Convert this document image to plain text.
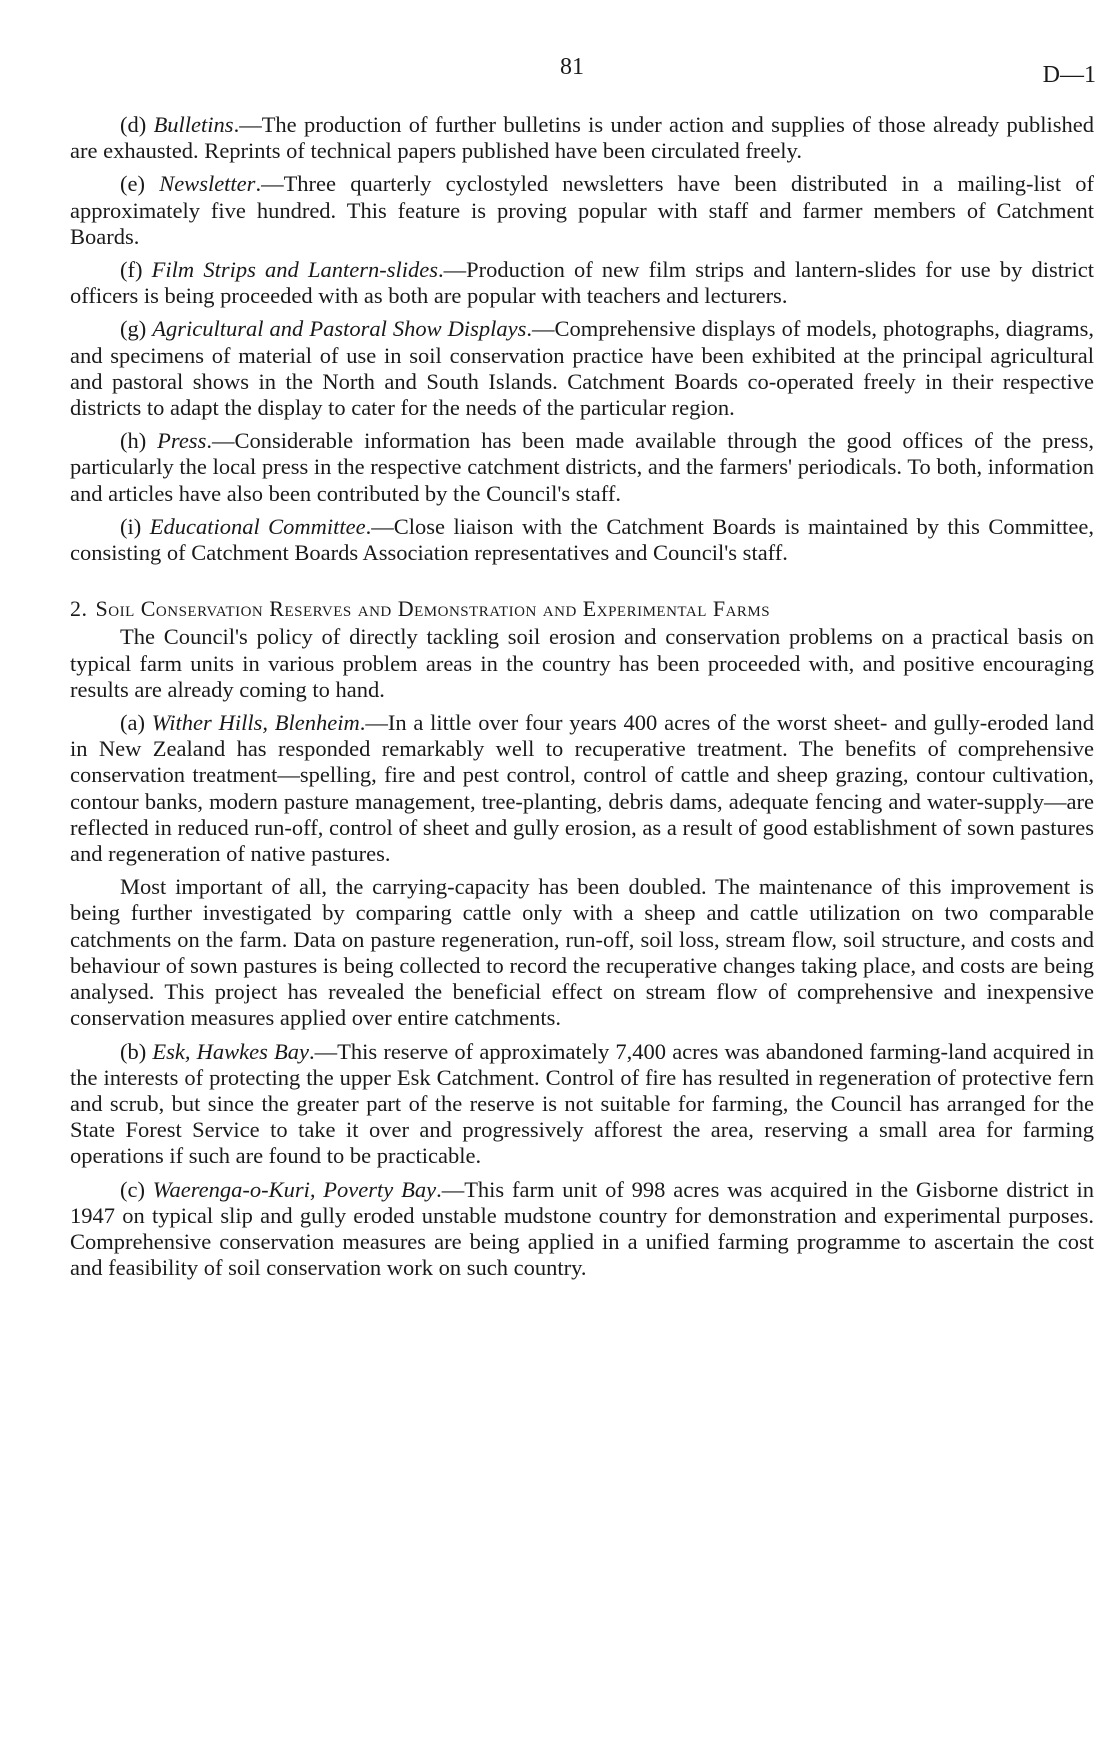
81	D—1

(d) Bulletins.—The production of further bulletins is under action and supplies of those already published are exhausted. Reprints of technical papers published have been circulated freely.

(e) Newsletter.—Three quarterly cyclostyled newsletters have been distributed in a mailing-list of approximately five hundred. This feature is proving popular with staff and farmer members of Catchment Boards.

(f) Film Strips and Lantern-slides.—Production of new film strips and lantern-slides for use by district officers is being proceeded with as both are popular with teachers and lecturers.

(g) Agricultural and Pastoral Show Displays.—Comprehensive displays of models, photographs, diagrams, and specimens of material of use in soil conservation practice have been exhibited at the principal agricultural and pastoral shows in the North and South Islands. Catchment Boards co-operated freely in their respective districts to adapt the display to cater for the needs of the particular region.

(h) Press.—Considerable information has been made available through the good offices of the press, particularly the local press in the respective catchment districts, and the farmers' periodicals. To both, information and articles have also been contributed by the Council's staff.

(i) Educational Committee.—Close liaison with the Catchment Boards is maintained by this Committee, consisting of Catchment Boards Association representatives and Council's staff.

2. Soil Conservation Reserves and Demonstration and Experimental Farms

The Council's policy of directly tackling soil erosion and conservation problems on a practical basis on typical farm units in various problem areas in the country has been proceeded with, and positive encouraging results are already coming to hand.

(a) Wither Hills, Blenheim.—In a little over four years 400 acres of the worst sheet- and gully-eroded land in New Zealand has responded remarkably well to recuperative treatment. The benefits of comprehensive conservation treatment—spelling, fire and pest control, control of cattle and sheep grazing, contour cultivation, contour banks, modern pasture management, tree-planting, debris dams, adequate fencing and water-supply—are reflected in reduced run-off, control of sheet and gully erosion, as a result of good establishment of sown pastures and regeneration of native pastures.

Most important of all, the carrying-capacity has been doubled. The maintenance of this improvement is being further investigated by comparing cattle only with a sheep and cattle utilization on two comparable catchments on the farm. Data on pasture regeneration, run-off, soil loss, stream flow, soil structure, and costs and behaviour of sown pastures is being collected to record the recuperative changes taking place, and costs are being analysed. This project has revealed the beneficial effect on stream flow of comprehensive and inexpensive conservation measures applied over entire catchments.

(b) Esk, Hawkes Bay.—This reserve of approximately 7,400 acres was abandoned farming-land acquired in the interests of protecting the upper Esk Catchment. Control of fire has resulted in regeneration of protective fern and scrub, but since the greater part of the reserve is not suitable for farming, the Council has arranged for the State Forest Service to take it over and progressively afforest the area, reserving a small area for farming operations if such are found to be practicable.

(c) Waerenga-o-Kuri, Poverty Bay.—This farm unit of 998 acres was acquired in the Gisborne district in 1947 on typical slip and gully eroded unstable mudstone country for demonstration and experimental purposes. Comprehensive conservation measures are being applied in a unified farming programme to ascertain the cost and feasibility of soil conservation work on such country.
